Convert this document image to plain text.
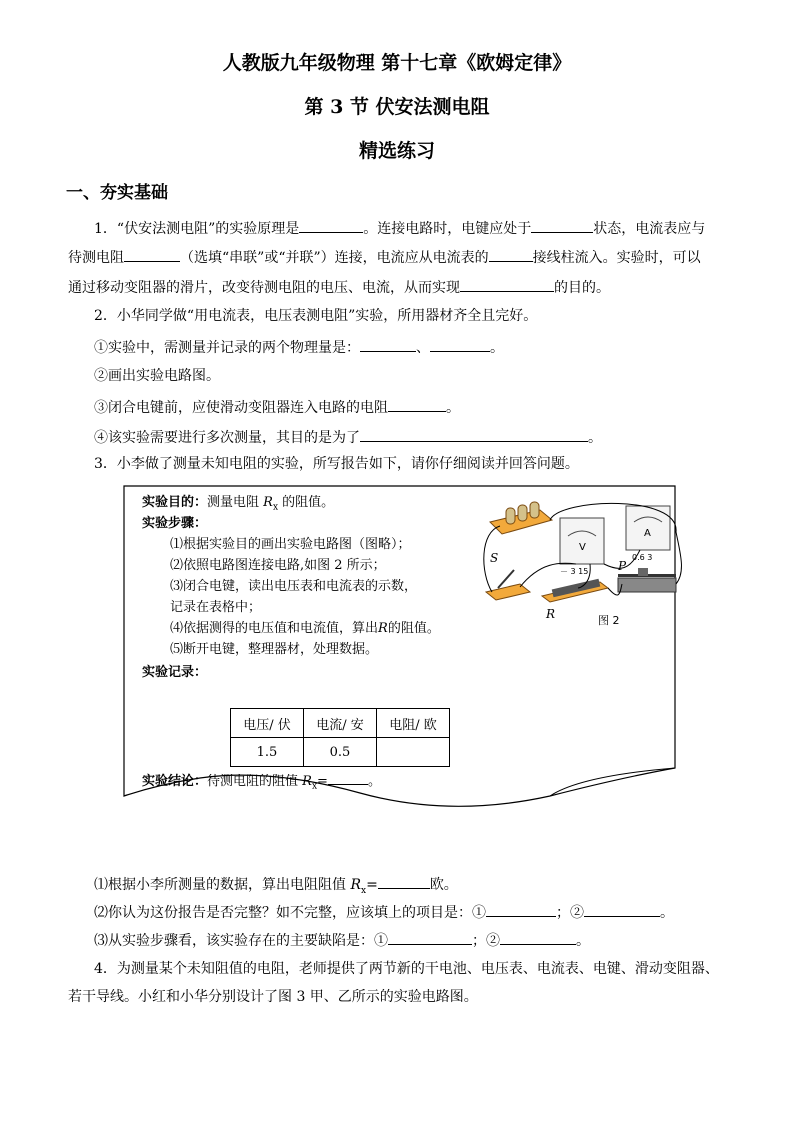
人教版九年级物理 第十七章《欧姆定律》
第 3 节 伏安法测电阻
精选练习
一、夯实基础
1．“伏安法测电阻”的实验原理是	。连接电路时，电键应处于	状态，电流表应与
待测电阻	（选填“串联”或“并联”）连接，电流应从电流表的	接线柱流入。实验时，可以
通过移动变阻器的滑片，改变待测电阻的电压、电流，从而实现	的目的。
2．小华同学做“用电流表，电压表测电阻”实验，所用器材齐全且完好。
①实验中，需测量并记录的两个物理量是：	、	。
②画出实验电路图。
③闭合电键前，应使滑动变阻器连入电路的电阻	。
④该实验需要进行多次测量，其目的是为了	。
3．小李做了测量未知电阻的实验，所写报告如下，请你仔细阅读并回答问题。
实验目的：测量电阻 $R_x$ 的阻值。
实验步骤：
⑴根据实验目的画出实验电路图（图略）；
⑵依照电路图连接电路,如图 2 所示；
⑶闭合电键，读出电压表和电流表的示数，
记录在表格中；
⑷依据测得的电压值和电流值，算出R的阻值。
⑸断开电键，整理器材，处理数据。
实验记录：
电压∕ 伏	电流∕ 安	电阻∕ 欧
1.5	0.5	
实验结论：待测电阻的阻值 $R_x=$	。
V
－ 3 15
A
0.6 3
S
R
P
图 2
⑴根据小李所测量的数据，算出电阻阻值 $R_x=$	欧。
⑵你认为这份报告是否完整？如不完整，应该填上的项目是：①	；②	。
⑶从实验步骤看，该实验存在的主要缺陷是：①	；②	。
4．为测量某个未知阻值的电阻，老师提供了两节新的干电池、电压表、电流表、电键、滑动变阻器、
若干导线。小红和小华分别设计了图 3 甲、乙所示的实验电路图。
